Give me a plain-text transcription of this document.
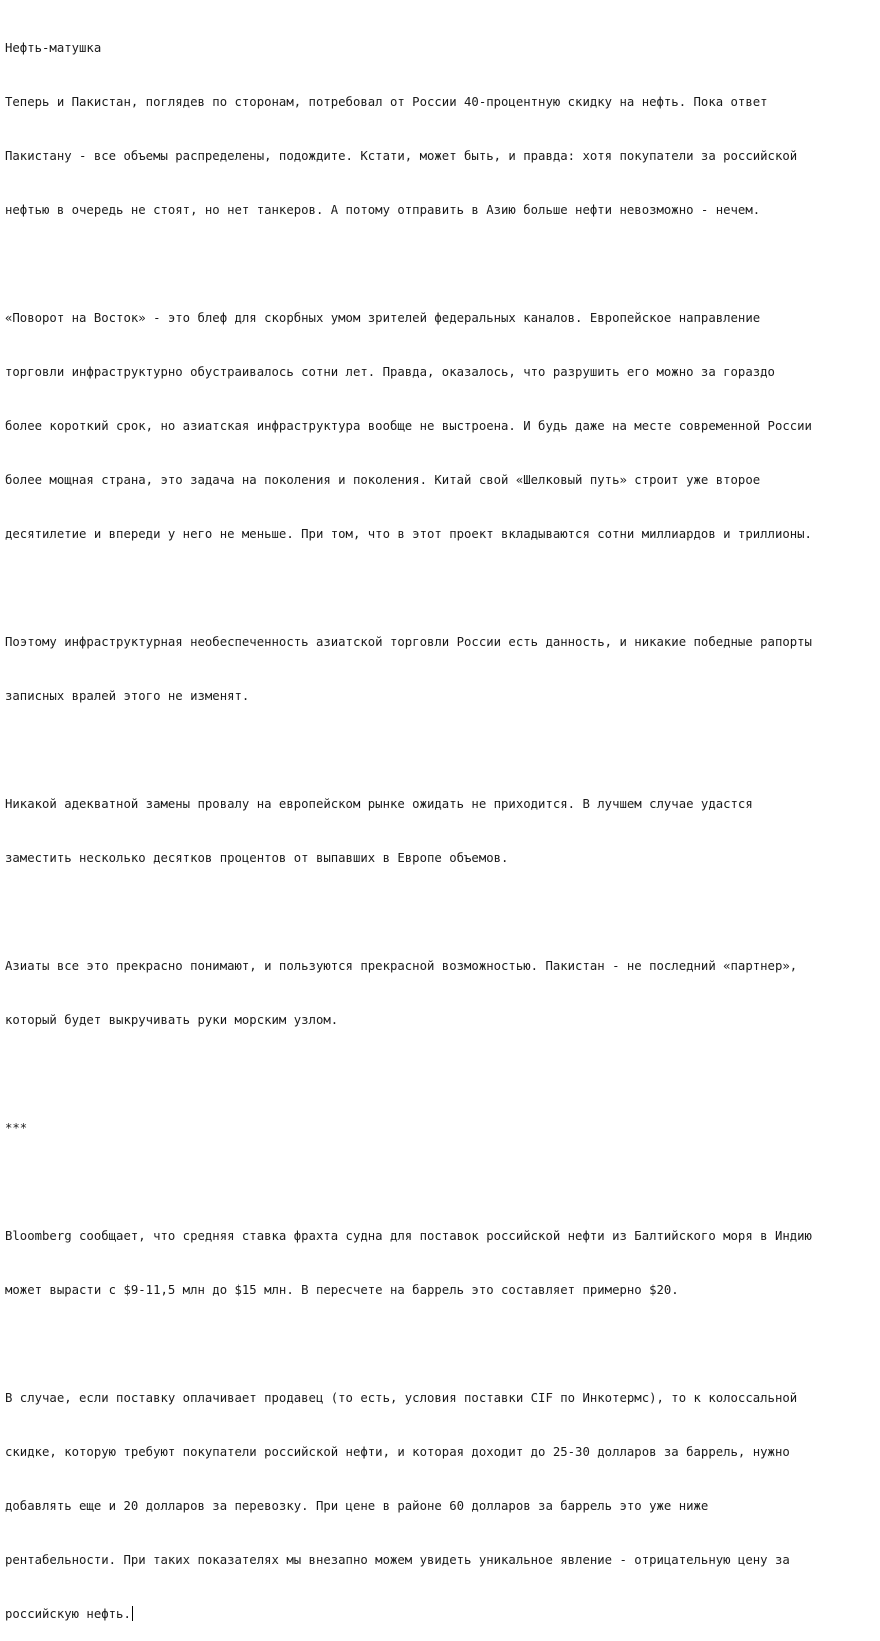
Нефть-матушка

Теперь и Пакистан, поглядев по сторонам, потребовал от России 40-процентную скидку на нефть. Пока ответ

Пакистану - все объемы распределены, подождите. Кстати, может быть, и правда: хотя покупатели за российской

нефтью в очередь не стоят, но нет танкеров. А потому отправить в Азию больше нефти невозможно - нечем.

«Поворот на Восток» - это блеф для скорбных умом зрителей федеральных каналов. Европейское направление

торговли инфраструктурно обустраивалось сотни лет. Правда, оказалось, что разрушить его можно за гораздо

более короткий срок, но азиатская инфраструктура вообще не выстроена. И будь даже на месте современной России

более мощная страна, это задача на поколения и поколения. Китай свой «Шелковый путь» строит уже второе

десятилетие и впереди у него не меньше. При том, что в этот проект вкладываются сотни миллиардов и триллионы.

Поэтому инфраструктурная необеспеченность азиатской торговли России есть данность, и никакие победные рапорты

записных вралей этого не изменят.

Никакой адекватной замены провалу на европейском рынке ожидать не приходится. В лучшем случае удастся

заместить несколько десятков процентов от выпавших в Европе объемов.

Азиаты все это прекрасно понимают, и пользуются прекрасной возможностью. Пакистан - не последний «партнер»,

который будет выкручивать руки морским узлом.

***

Bloomberg сообщает, что средняя ставка фрахта судна для поставок российской нефти из Балтийского моря в Индию

может вырасти с $9-11,5 млн до $15 млн. В пересчете на баррель это составляет примерно $20.

В случае, если поставку оплачивает продавец (то есть, условия поставки CIF по Инкотермс), то к колоссальной

скидке, которую требуют покупатели российской нефти, и которая доходит до 25-30 долларов за баррель, нужно

добавлять еще и 20 долларов за перевозку. При цене в районе 60 долларов за баррель это уже ниже

рентабельности. При таких показателях мы внезапно можем увидеть уникальное явление - отрицательную цену за

российскую нефть.
